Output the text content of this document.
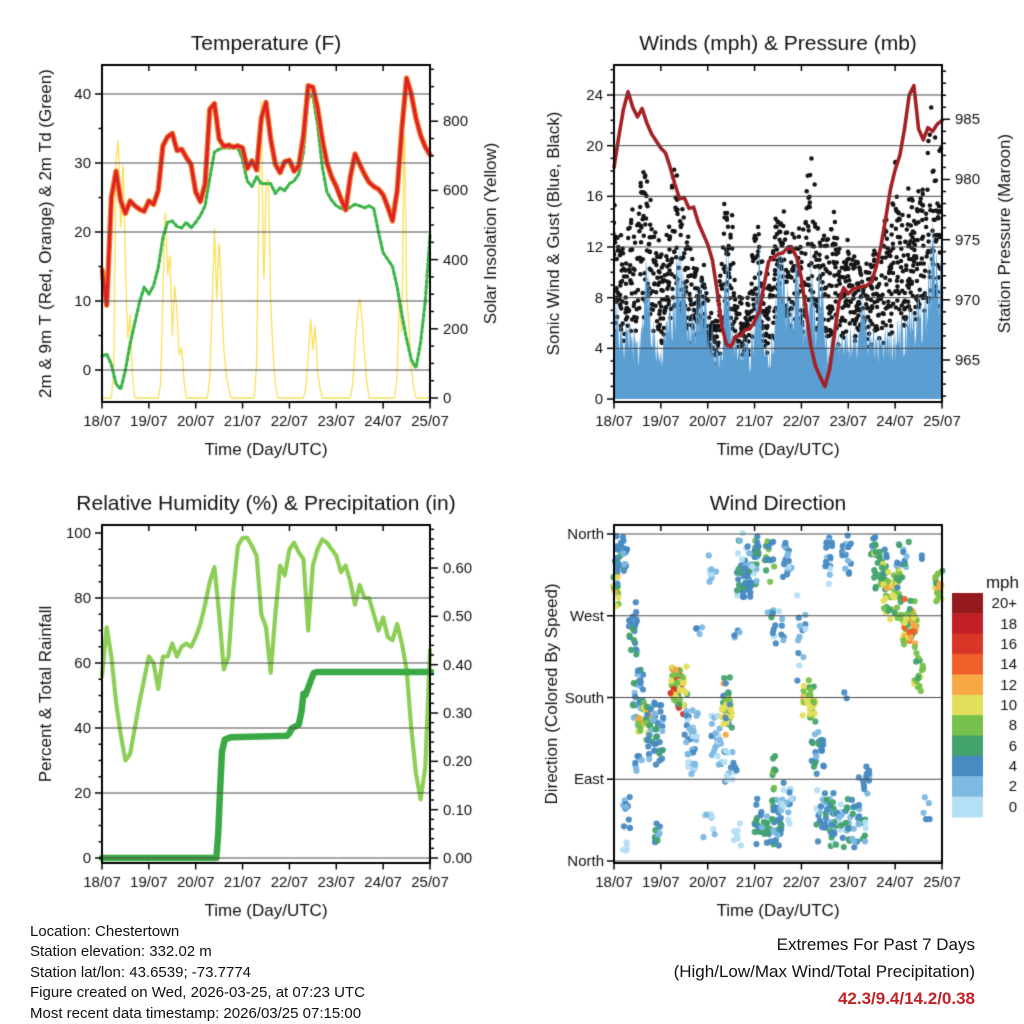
Location: Chestertown
Station elevation: 332.02 m
Station lat/lon: 43.6539; -73.7774
Figure created on Wed, 2026-03-25, at 07:23 UTC
Most recent data timestamp: 2026/03/25 07:15:00
Extremes For Past 7 Days
(High/Low/Max Wind/Total Precipitation)
42.3/9.4/14.2/0.38
